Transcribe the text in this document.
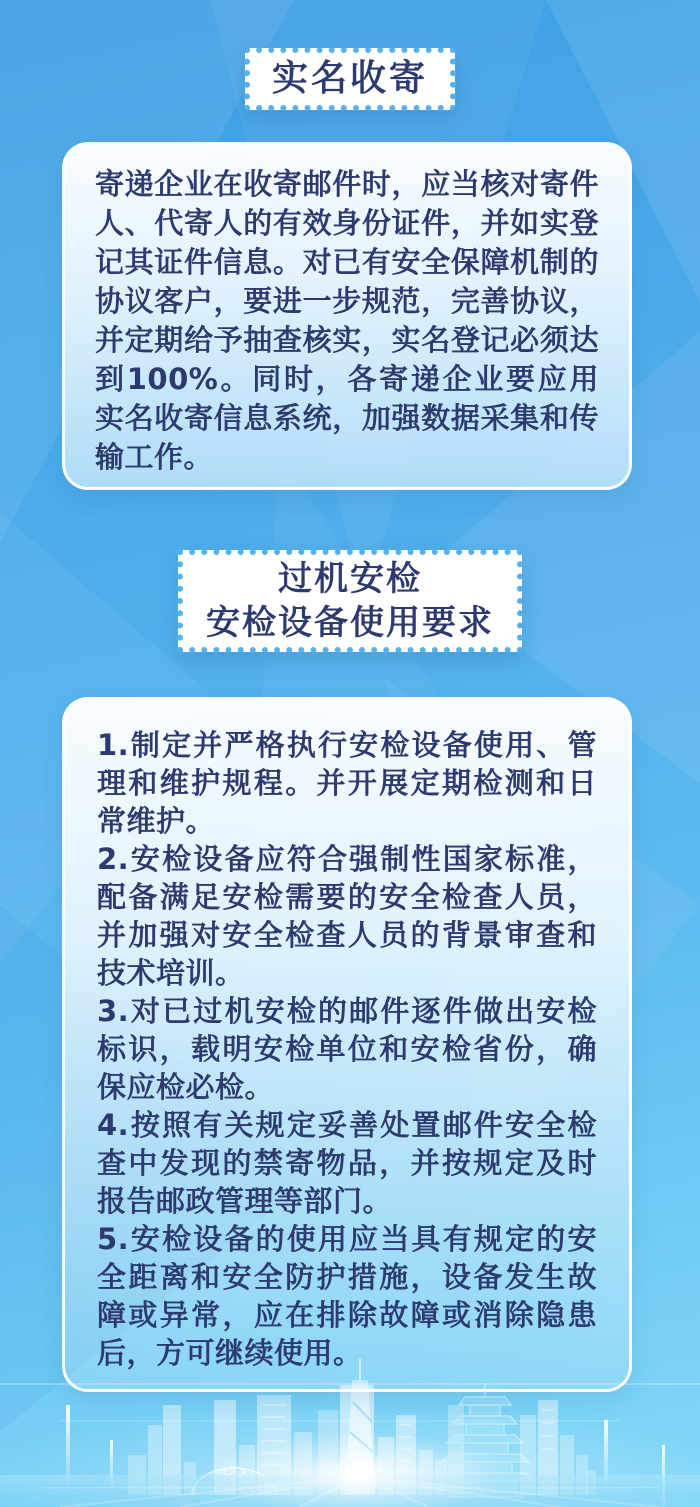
实名收寄

寄递企业在收寄邮件时，应当核对寄件人、代寄人的有效身份证件，并如实登记其证件信息。对已有安全保障机制的协议客户，要进一步规范，完善协议，并定期给予抽查核实，实名登记必须达到100%。同时，各寄递企业要应用实名收寄信息系统，加强数据采集和传输工作。

过机安检
安检设备使用要求

1.制定并严格执行安检设备使用、管理和维护规程。并开展定期检测和日常维护。

2.安检设备应符合强制性国家标准，配备满足安检需要的安全检查人员，并加强对安全检查人员的背景审查和技术培训。

3.对已过机安检的邮件逐件做出安检标识，载明安检单位和安检省份，确保应检必检。

4.按照有关规定妥善处置邮件安全检查中发现的禁寄物品，并按规定及时报告邮政管理等部门。

5.安检设备的使用应当具有规定的安全距离和安全防护措施，设备发生故障或异常，应在排除故障或消除隐患后，方可继续使用。
